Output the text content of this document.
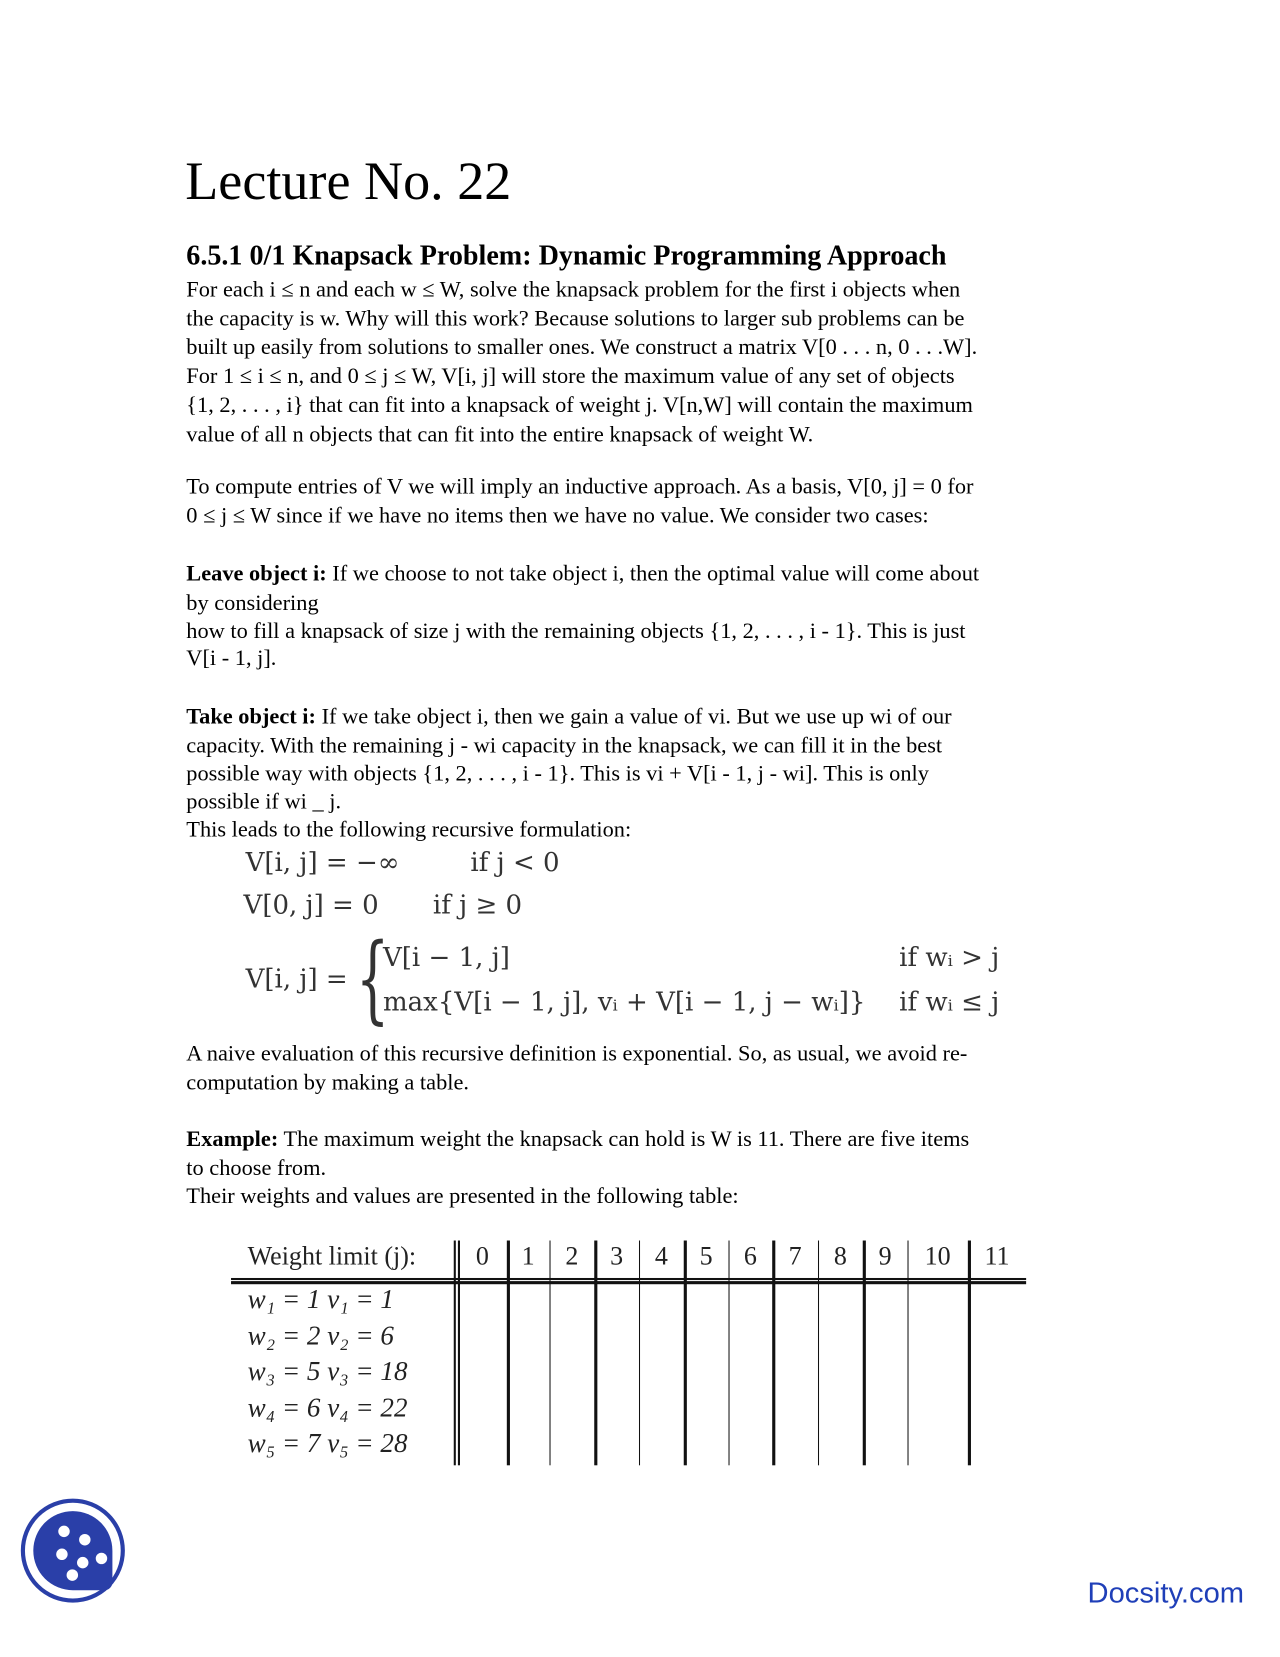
Lecture No. 22
6.5.1 0/1 Knapsack Problem: Dynamic Programming Approach
For each i ≤ n and each w ≤ W, solve the knapsack problem for the first i objects when
the capacity is w. Why will this work? Because solutions to larger sub problems can be
built up easily from solutions to smaller ones. We construct a matrix V[0 . . . n, 0 . . .W].
For 1 ≤ i ≤ n, and 0 ≤ j ≤ W, V[i, j] will store the maximum value of any set of objects
{1, 2, . . . , i} that can fit into a knapsack of weight j. V[n,W] will contain the maximum
value of all n objects that can fit into the entire knapsack of weight W.
To compute entries of V we will imply an inductive approach. As a basis, V[0, j] = 0 for
0 ≤ j ≤ W since if we have no items then we have no value. We consider two cases:
Leave object i: If we choose to not take object i, then the optimal value will come about
by considering
how to fill a knapsack of size j with the remaining objects {1, 2, . . . , i - 1}. This is just
V[i - 1, j].
Take object i: If we take object i, then we gain a value of vi. But we use up wi of our
capacity. With the remaining j - wi capacity in the knapsack, we can fill it in the best
possible way with objects {1, 2, . . . , i - 1}. This is vi + V[i - 1, j - wi]. This is only
possible if wi _ j.
This leads to the following recursive formulation:
V[i, j] = −∞	if j < 0
V[0, j] = 0 if j ≥ 0
V[i, j] = {
V[i − 1, j]	if wᵢ > j
max{V[i − 1, j], vᵢ + V[i − 1, j − wᵢ]} if wᵢ ≤ j
A naive evaluation of this recursive definition is exponential. So, as usual, we avoid re-
computation by making a table.
Example: The maximum weight the knapsack can hold is W is 11. There are five items
to choose from.
Their weights and values are presented in the following table:
Weight limit (j):	0	1	2	3	4	5	6	7	8	9	10	11
w₁ = 1 v₁ = 1
w₂ = 2 v₂ = 6
w₃ = 5 v₃ = 18
w₄ = 6 v₄ = 22
w₅ = 7 v₅ = 28
Docsity.com
